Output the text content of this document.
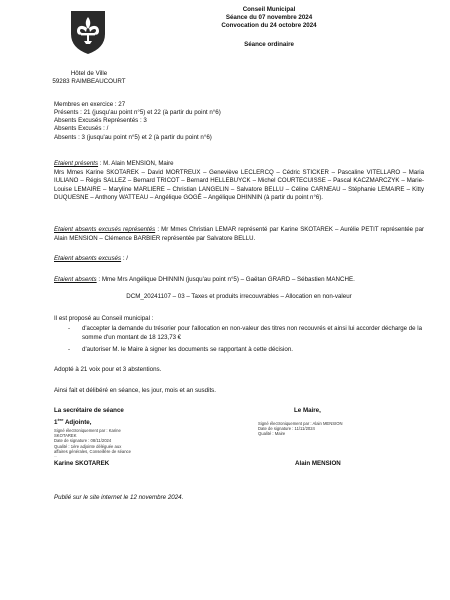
Hôtel de Ville
59283 RAIMBEAUCOURT
Conseil Municipal
Séance du 07 novembre 2024
Convocation du 24 octobre 2024
Séance ordinaire
Membres en exercice : 27
Présents : 21 (jusqu'au point n°5) et 22 (à partir du point n°6)
Absents Excusés Représentés : 3
Absents Excusés : /
Absents : 3 (jusqu'au point n°5) et 2 (à partir du point n°6)
Etaient présents : M. Alain MENSION, Maire
Mrs Mmes Karine SKOTAREK – David MORTREUX – Geneviève LECLERCQ – Cédric STICKER – Pascaline VITELLARO – Maria IULIANO – Régis SALLEZ – Bernard TRICOT – Bernard HELLEBUYCK – Michel COURTECUISSE – Pascal KACZMARCZYK – Marie-Louise LEMAIRE – Maryline MARLIERE – Christian LANGELIN – Salvatore BELLU – Céline CARNEAU – Stéphanie LEMAIRE – Kitty DUQUESNE – Anthony WATTEAU – Angélique GOGÉ – Angélique DHINNIN (à partir du point n°6).
Etaient absents excusés représentés : Mr Mmes Christian LEMAR représenté par Karine SKOTAREK – Aurélie PETIT représentée par Alain MENSION – Clémence BARBIER représentée par Salvatore BELLU.
Etaient absents excusés : /
Etaient absents : Mme Mrs Angélique DHINNIN (jusqu'au point n°5) – Gaëtan GRARD – Sébastien MANCHE.
DCM_20241107 – 03 – Taxes et produits irrecouvrables – Allocation en non-valeur
Il est proposé au Conseil municipal :
- d'accepter la demande du trésorier pour l'allocation en non-valeur des titres non recouvrés et ainsi lui accorder décharge de la somme d'un montant de 18 123,73 €
- d'autoriser M. le Maire à signer les documents se rapportant à cette décision.
Adopté à 21 voix pour et 3 abstentions.
Ainsi fait et délibéré en séance, les jour, mois et an susdits.
La secrétaire de séance
1ère Adjointe,
Signé électroniquement par : Karine
SKOTAREK
Date de signature : 08/11/2024
Qualité : 1ère adjointe déléguée aux
affaires générales, Conseillère de séance
...
Karine SKOTAREK
Le Maire,
Signé électroniquement par : Alain MENSION
Date de signature : 11/11/2024
Qualité : Maire
Alain MENSION
Publié sur le site internet le 12 novembre 2024.
